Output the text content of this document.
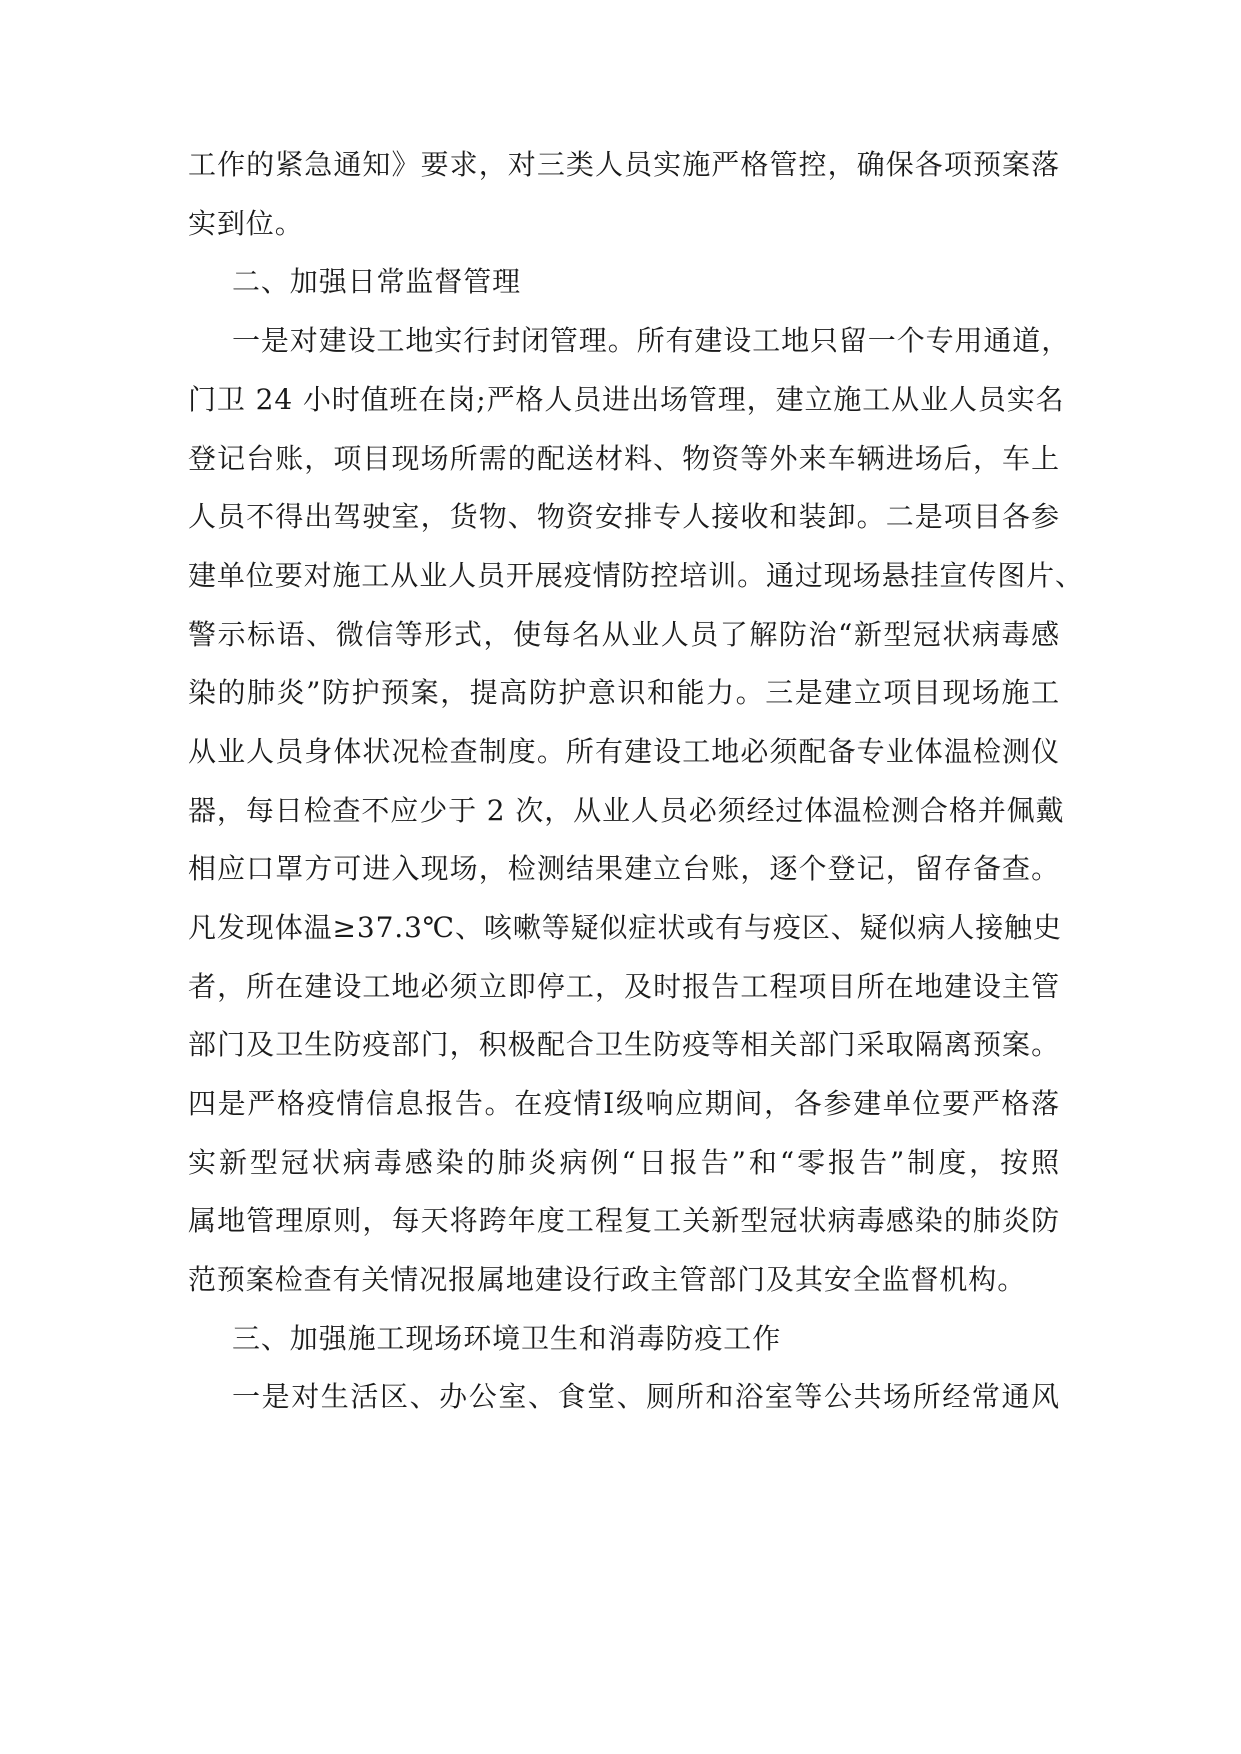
工作的紧急通知》要求，对三类人员实施严格管控，确保各项预案落
实到位。
二、加强日常监督管理
一是对建设工地实行封闭管理。所有建设工地只留一个专用通道，
门卫 24 小时值班在岗;严格人员进出场管理，建立施工从业人员实名
登记台账，项目现场所需的配送材料、物资等外来车辆进场后，车上
人员不得出驾驶室，货物、物资安排专人接收和装卸。二是项目各参
建单位要对施工从业人员开展疫情防控培训。通过现场悬挂宣传图片、
警示标语、微信等形式，使每名从业人员了解防治“新型冠状病毒感
染的肺炎”防护预案，提高防护意识和能力。三是建立项目现场施工
从业人员身体状况检查制度。所有建设工地必须配备专业体温检测仪
器，每日检查不应少于 2 次，从业人员必须经过体温检测合格并佩戴
相应口罩方可进入现场，检测结果建立台账，逐个登记，留存备查。
凡发现体温≥37.3℃、咳嗽等疑似症状或有与疫区、疑似病人接触史
者，所在建设工地必须立即停工，及时报告工程项目所在地建设主管
部门及卫生防疫部门，积极配合卫生防疫等相关部门采取隔离预案。
四是严格疫情信息报告。在疫情Ⅰ级响应期间，各参建单位要严格落
实新型冠状病毒感染的肺炎病例“日报告”和“零报告”制度，按照
属地管理原则，每天将跨年度工程复工关新型冠状病毒感染的肺炎防
范预案检查有关情况报属地建设行政主管部门及其安全监督机构。
三、加强施工现场环境卫生和消毒防疫工作
一是对生活区、办公室、食堂、厕所和浴室等公共场所经常通风
